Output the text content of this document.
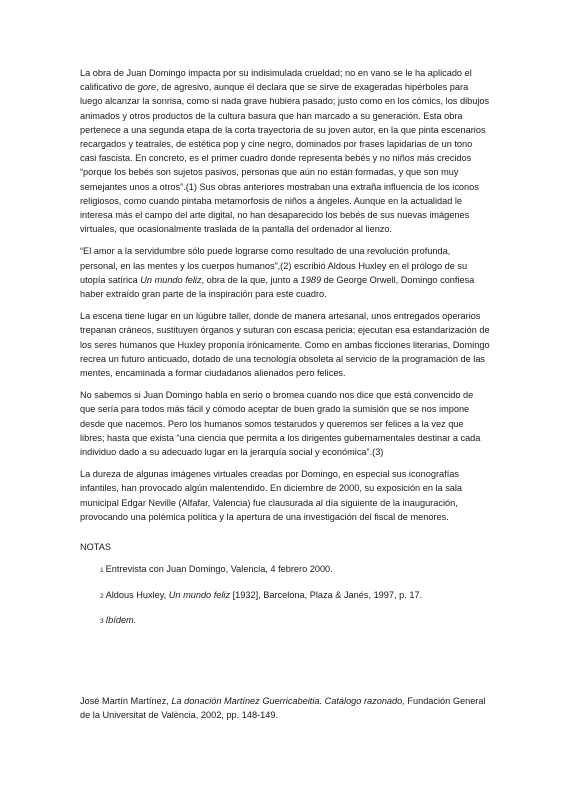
La obra de Juan Domingo impacta por su indisimulada crueldad; no en vano se le ha aplicado el calificativo de gore, de agresivo, aunque él declara que se sirve de exageradas hipérboles para luego alcanzar la sonrisa, como si nada grave hubiera pasado; justo como en los cómics, los dibujos animados y otros productos de la cultura basura que han marcado a su generación. Esta obra pertenece a una segunda etapa de la corta trayectoria de su joven autor, en la que pinta escenarios recargados y teatrales, de estética pop y cine negro, dominados por frases lapidarias de un tono casi fascista. En concreto, es el primer cuadro donde representa bebés y no niños más crecidos “porque los bebés son sujetos pasivos, personas que aún no están formadas, y que son muy semejantes unos a otros”.(1) Sus obras anteriores mostraban una extraña influencia de los iconos religiosos, como cuando pintaba metamorfosis de niños a ángeles. Aunque en la actualidad le interesa más el campo del arte digital, no han desaparecido los bebés de sus nuevas imágenes virtuales, que ocasionalmente traslada de la pantalla del ordenador al lienzo.

“El amor a la servidumbre sólo puede lograrse como resultado de una revolución profunda, personal, en las mentes y los cuerpos humanos”,(2) escribió Aldous Huxley en el prólogo de su utopía satírica Un mundo feliz, obra de la que, junto a 1989 de George Orwell, Domingo confiesa haber extraído gran parte de la inspiración para este cuadro.

La escena tiene lugar en un lúgubre taller, donde de manera artesanal, unos entregados operarios trepanan cráneos, sustituyen órganos y suturan con escasa pericia; ejecutan esa estandarización de los seres humanos que Huxley proponía irónicamente. Como en ambas ficciones literarias, Domingo recrea un futuro anticuado, dotado de una tecnología obsoleta al servicio de la programación de las mentes, encaminada a formar ciudadanos alienados pero felices.

No sabemos si Juan Domingo habla en serio o bromea cuando nos dice que está convencido de que sería para todos más fácil y cómodo aceptar de buen grado la sumisión que se nos impone desde que nacemos. Pero los humanos somos testarudos y queremos ser felices a la vez que libres; hasta que exista “una ciencia que permita a los dirigentes gubernamentales destinar a cada individuo dado a su adecuado lugar en la jerarquía social y económica”.(3)

La dureza de algunas imágenes virtuales creadas por Domingo, en especial sus iconografías infantiles, han provocado algún malentendido. En diciembre de 2000, su exposición en la sala municipal Edgar Neville (Alfafar, Valencia) fue clausurada al día siguiente de la inauguración, provocando una polémica política y la apertura de una investigación del fiscal de menores.

NOTAS

1 Entrevista con Juan Domingo, Valencia, 4 febrero 2000.

2 Aldous Huxley, Un mundo feliz [1932], Barcelona, Plaza & Janés, 1997, p. 17.

3 Ibídem.

José Martín Martínez, La donación Martínez Guerricabeitia. Catálogo razonado, Fundación General de la Universitat de València, 2002, pp. 148-149.
